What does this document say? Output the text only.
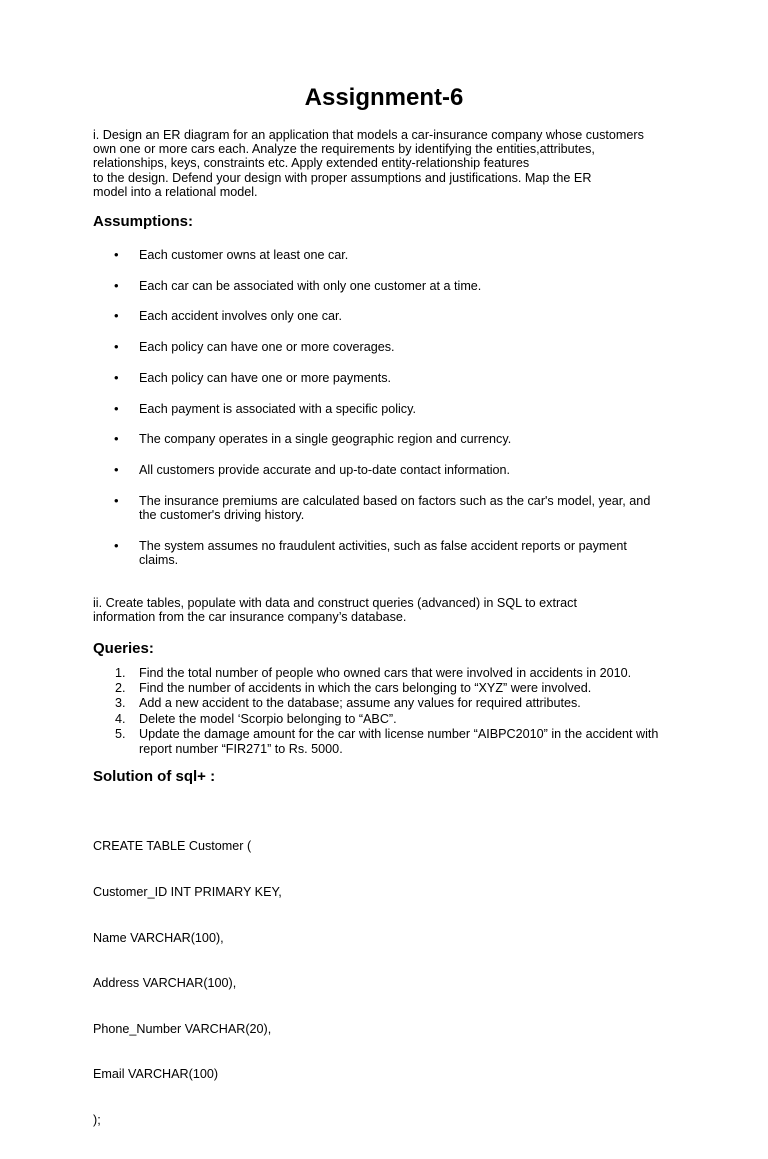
Assignment-6

i. Design an ER diagram for an application that models a car-insurance company whose customers
own one or more cars each. Analyze the requirements by identifying the entities,attributes,
relationships, keys, constraints etc. Apply extended entity-relationship features
to the design. Defend your design with proper assumptions and justifications. Map the ER
model into a relational model.

Assumptions:
• Each customer owns at least one car.
• Each car can be associated with only one customer at a time.
• Each accident involves only one car.
• Each policy can have one or more coverages.
• Each policy can have one or more payments.
• Each payment is associated with a specific policy.
• The company operates in a single geographic region and currency.
• All customers provide accurate and up-to-date contact information.
• The insurance premiums are calculated based on factors such as the car's model, year, and the customer's driving history.
• The system assumes no fraudulent activities, such as false accident reports or payment claims.

ii. Create tables, populate with data and construct queries (advanced) in SQL to extract
information from the car insurance company’s database.

Queries:
1. Find the total number of people who owned cars that were involved in accidents in 2010.
2. Find the number of accidents in which the cars belonging to “XYZ” were involved.
3. Add a new accident to the database; assume any values for required attributes.
4. Delete the model ‘Scorpio belonging to “ABC”.
5. Update the damage amount for the car with license number “AIBPC2010” in the accident with report number “FIR271” to Rs. 5000.
Solution of sql+ :

CREATE TABLE Customer (

Customer_ID INT PRIMARY KEY,

Name VARCHAR(100),

Address VARCHAR(100),

Phone_Number VARCHAR(20),

Email VARCHAR(100)

);
